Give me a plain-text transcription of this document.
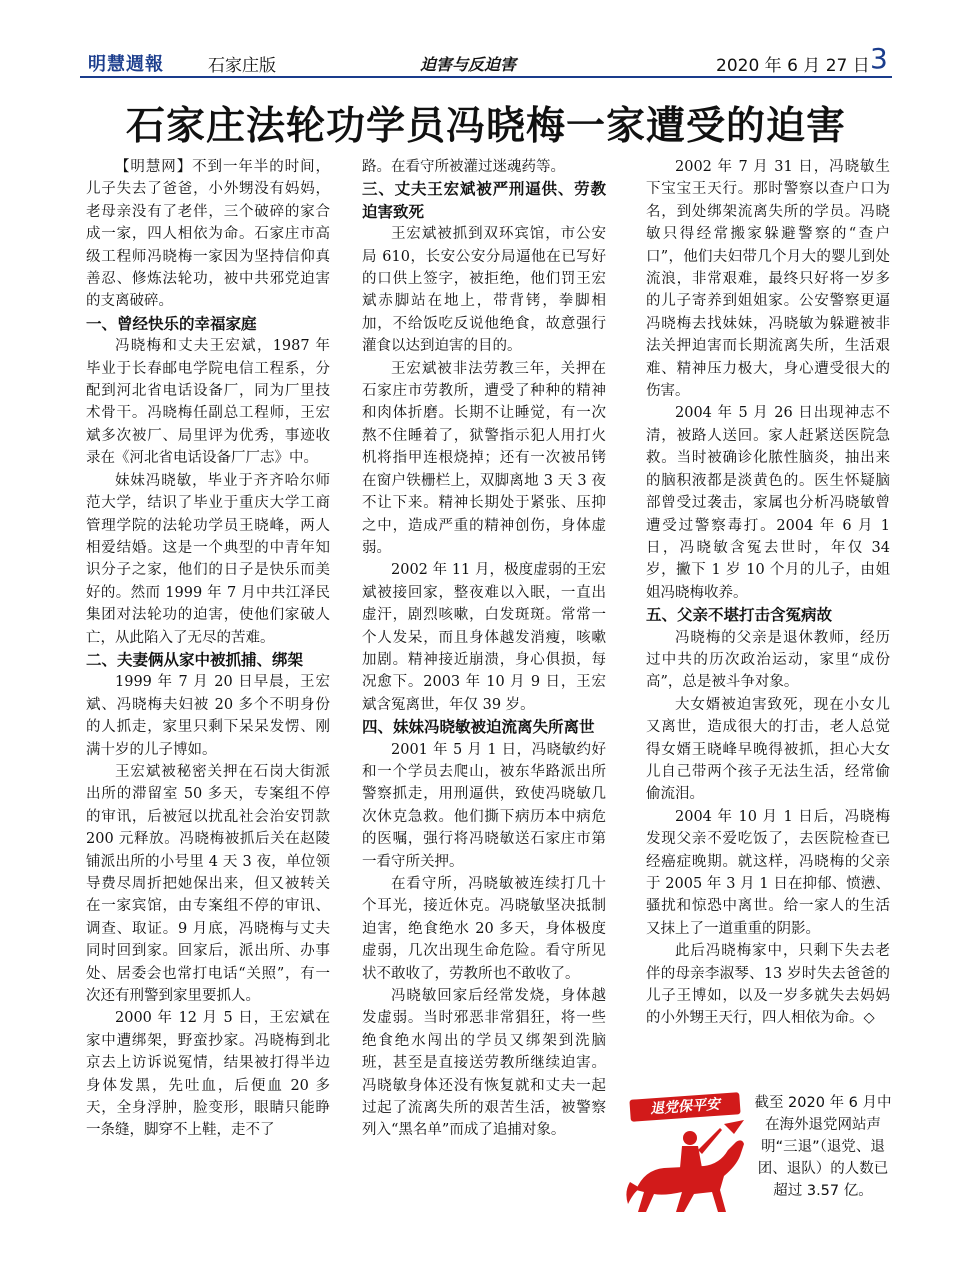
明慧週報	石家庄版	迫害与反迫害	2020 年 6 月 27 日 3
石家庄法轮功学员冯晓梅一家遭受的迫害

【明慧网】不到一年半的时间，儿子失去了爸爸，小外甥没有妈妈，老母亲没有了老伴，三个破碎的家合成一家，四人相依为命。石家庄市高级工程师冯晓梅一家因为坚持信仰真善忍、修炼法轮功，被中共邪党迫害的支离破碎。

一、曾经快乐的幸福家庭

冯晓梅和丈夫王宏斌，1987 年毕业于长春邮电学院电信工程系，分配到河北省电话设备厂，同为厂里技术骨干。冯晓梅任副总工程师，王宏斌多次被厂、局里评为优秀，事迹收录在《河北省电话设备厂厂志》中。

妹妹冯晓敏，毕业于齐齐哈尔师范大学，结识了毕业于重庆大学工商管理学院的法轮功学员王晓峰，两人相爱结婚。这是一个典型的中青年知识分子之家，他们的日子是快乐而美好的。然而 1999 年 7 月中共江泽民集团对法轮功的迫害，使他们家破人亡，从此陷入了无尽的苦难。

二、夫妻俩从家中被抓捕、绑架

1999 年 7 月 20 日早晨，王宏斌、冯晓梅夫妇被 20 多个不明身份的人抓走，家里只剩下呆呆发愣、刚满十岁的儿子博如。

王宏斌被秘密关押在石岗大街派出所的滞留室 50 多天，专案组不停的审讯，后被冠以扰乱社会治安罚款 200 元释放。冯晓梅被抓后关在赵陵铺派出所的小号里 4 天 3 夜，单位领导费尽周折把她保出来，但又被转关在一家宾馆，由专案组不停的审讯、调查、取证。9 月底，冯晓梅与丈夫同时回到家。回家后，派出所、办事处、居委会也常打电话“关照”，有一次还有刑警到家里要抓人。

2000 年 12 月 5 日，王宏斌在家中遭绑架，野蛮抄家。冯晓梅到北京去上访诉说冤情，结果被打得半边身体发黑，先吐血，后便血 20 多天，全身浮肿，脸变形，眼睛只能睁一条缝，脚穿不上鞋，走不了

路。在看守所被灌过迷魂药等。

三、丈夫王宏斌被严刑逼供、劳教迫害致死

王宏斌被抓到双环宾馆，市公安局 610，长安公安分局逼他在已写好的口供上签字，被拒绝，他们罚王宏斌赤脚站在地上，带背铐，拳脚相加，不给饭吃反说他绝食，故意强行灌食以达到迫害的目的。

王宏斌被非法劳教三年，关押在石家庄市劳教所，遭受了种种的精神和肉体折磨。长期不让睡觉，有一次熬不住睡着了，狱警指示犯人用打火机将指甲连根烧掉；还有一次被吊铐在窗户铁栅栏上，双脚离地 3 天 3 夜不让下来。精神长期处于紧张、压抑之中，造成严重的精神创伤，身体虚弱。

2002 年 11 月，极度虚弱的王宏斌被接回家，整夜难以入眠，一直出虚汗，剧烈咳嗽，白发斑斑。常常一个人发呆，而且身体越发消瘦，咳嗽加剧。精神接近崩溃，身心俱损，每况愈下。2003 年 10 月 9 日，王宏斌含冤离世，年仅 39 岁。

四、妹妹冯晓敏被迫流离失所离世

2001 年 5 月 1 日，冯晓敏约好和一个学员去爬山，被东华路派出所警察抓走，用刑逼供，致使冯晓敏几次休克急救。他们撕下病历本中病危的医嘱，强行将冯晓敏送石家庄市第一看守所关押。

在看守所，冯晓敏被连续打几十个耳光，接近休克。冯晓敏坚决抵制迫害，绝食绝水 20 多天，身体极度虚弱，几次出现生命危险。看守所见状不敢收了，劳教所也不敢收了。

冯晓敏回家后经常发烧，身体越发虚弱。当时邪恶非常猖狂，将一些绝食绝水闯出的学员又绑架到洗脑班，甚至是直接送劳教所继续迫害。冯晓敏身体还没有恢复就和丈夫一起过起了流离失所的艰苦生活，被警察列入“黑名单”而成了追捕对象。

2002 年 7 月 31 日，冯晓敏生下宝宝王天行。那时警察以查户口为名，到处绑架流离失所的学员。冯晓敏只得经常搬家躲避警察的“查户口”，他们夫妇带几个月大的婴儿到处流浪，非常艰难，最终只好将一岁多的儿子寄养到姐姐家。公安警察更逼冯晓梅去找妹妹，冯晓敏为躲避被非法关押迫害而长期流离失所，生活艰难、精神压力极大，身心遭受很大的伤害。

2004 年 5 月 26 日出现神志不清，被路人送回。家人赶紧送医院急救。当时被确诊化脓性脑炎，抽出来的脑积液都是淡黄色的。医生怀疑脑部曾受过袭击，家属也分析冯晓敏曾遭受过警察毒打。2004 年 6 月 1 日，冯晓敏含冤去世时，年仅 34 岁，撇下 1 岁 10 个月的儿子，由姐姐冯晓梅收养。

五、父亲不堪打击含冤病故

冯晓梅的父亲是退休教师，经历过中共的历次政治运动，家里“成份高”，总是被斗争对象。

大女婿被迫害致死，现在小女儿又离世，造成很大的打击，老人总觉得女婿王晓峰早晚得被抓，担心大女儿自己带两个孩子无法生活，经常偷偷流泪。

2004 年 10 月 1 日后，冯晓梅发现父亲不爱吃饭了，去医院检查已经癌症晚期。就这样，冯晓梅的父亲于 2005 年 3 月 1 日在抑郁、愤懑、骚扰和惊恐中离世。给一家人的生活又抹上了一道重重的阴影。

此后冯晓梅家中，只剩下失去老伴的母亲李淑琴、13 岁时失去爸爸的儿子王博如，以及一岁多就失去妈妈的小外甥王天行，四人相依为命。◇

退党保平安	截至 2020 年 6 月中在海外退党网站声明“三退”（退党、退团、退队）的人数已超过 3.57 亿。
